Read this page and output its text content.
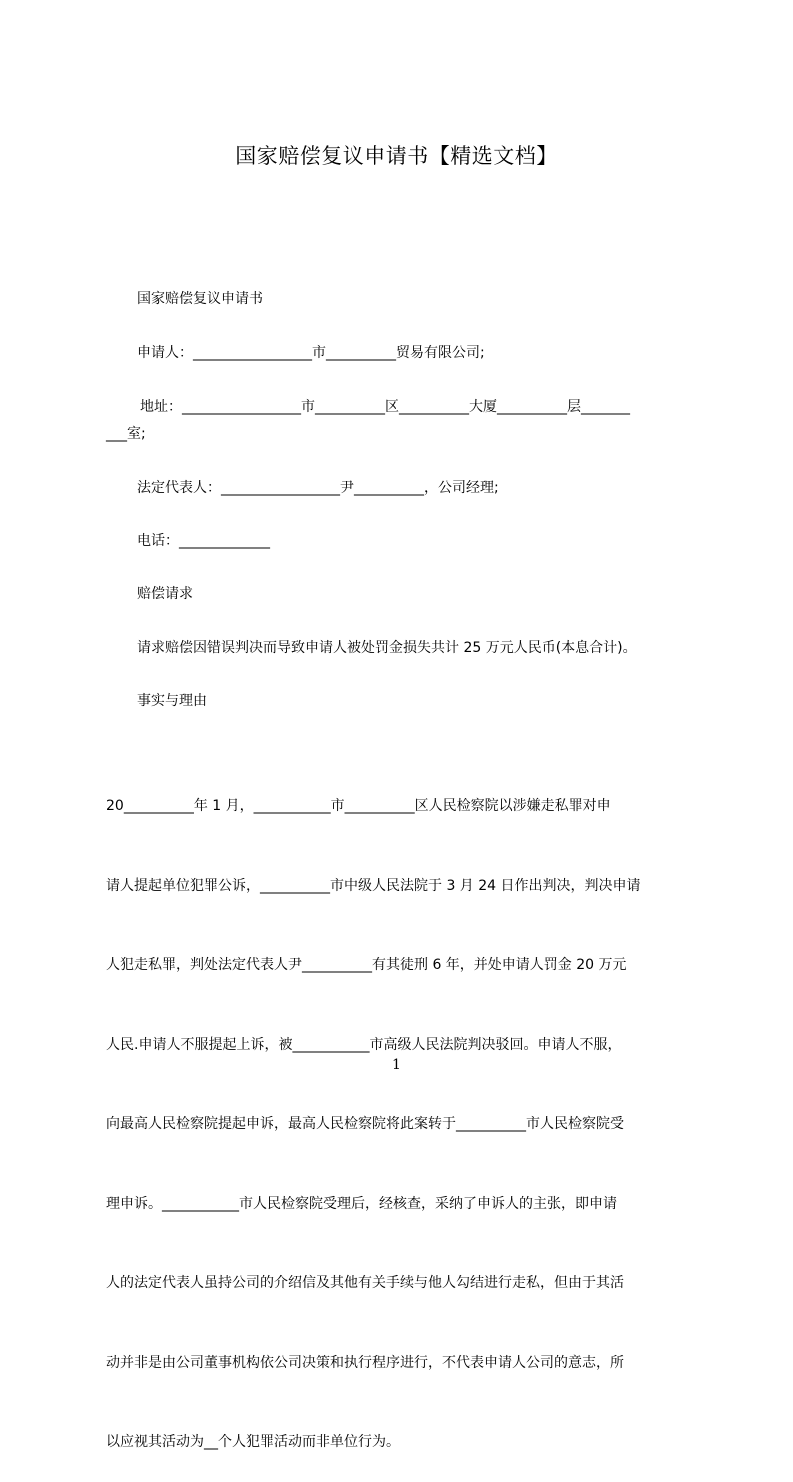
国家赔偿复议申请书【精选文档】
国家赔偿复议申请书
申请人：_________________市__________贸易有限公司;
地址：_________________市__________区__________大厦__________层_______
___室;
法定代表人：_________________尹__________，公司经理;
电话：_____________
赔偿请求
请求赔偿因错误判决而导致申请人被处罚金损失共计 25 万元人民币(本息合计)。
事实与理由

20__________年 1 月，___________市__________区人民检察院以涉嫌走私罪对申

请人提起单位犯罪公诉，__________市中级人民法院于 3 月 24 日作出判决，判决申请

人犯走私罪，判处法定代表人尹__________有其徒刑 6 年，并处申请人罚金 20 万元

人民.申请人不服提起上诉，被___________市高级人民法院判决驳回。申请人不服，

向最高人民检察院提起申诉，最高人民检察院将此案转于__________市人民检察院受

理申诉。___________市人民检察院受理后，经核查，采纳了申诉人的主张，即申请

人的法定代表人虽持公司的介绍信及其他有关手续与他人勾结进行走私，但由于其活

动并非是由公司董事机构依公司决策和执行程序进行，不代表申请人公司的意志，所

以应视其活动为__个人犯罪活动而非单位行为。

1
